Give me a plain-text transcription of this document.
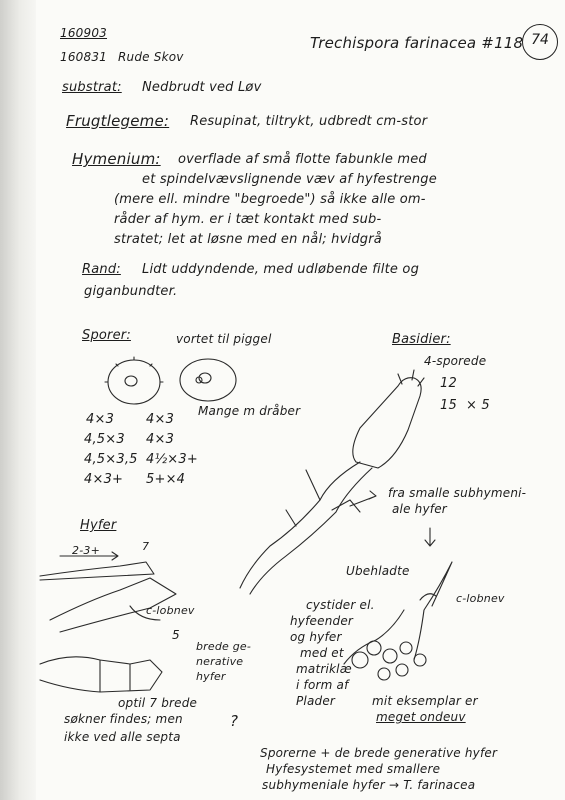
160903
160831 Rude Skov
Trechispora farinacea #118 74
substrat: Nedbrudt ved Løv
Frugtlegeme: Resupinat, tiltrykt, udbredt cm-stor
Hymenium: overflade af små flotte fabunkle med
et spindelvævslignende væv af hyfestrenge
(mere ell. mindre "begroede") så ikke alle om-
råder af hym. er i tæt kontakt med sub-
stratet; let at løsne med en nål; hvidgrå
Rand: Lidt uddyndende, med udløbende filte og
giganbundter.
Sporer:	vortet til piggel
Mange m dråber
4×3 4×3
4,5×3 4×3
4,5×3,5 4½×3+
4×3+ 5+×4
Basidier:
4-sporede
12
15 × 5
fra smalle subhymeni-
ale hyfer
Hyfer
2-3+	7
c-lobnev
5
brede ge-
nerative
hyfer
optil 7 brede
søkner findes; men
ikke ved alle septa
?
Ubehladte
c-lobnev
cystider el.
hyfeender
og hyfer
med et
matriklæ
i form af
Plader	mit eksemplar er
meget ondeuv
Sporerne + de brede generative hyfer
Hyfesystemet med smallere
subhymeniale hyfer → T. farinacea
